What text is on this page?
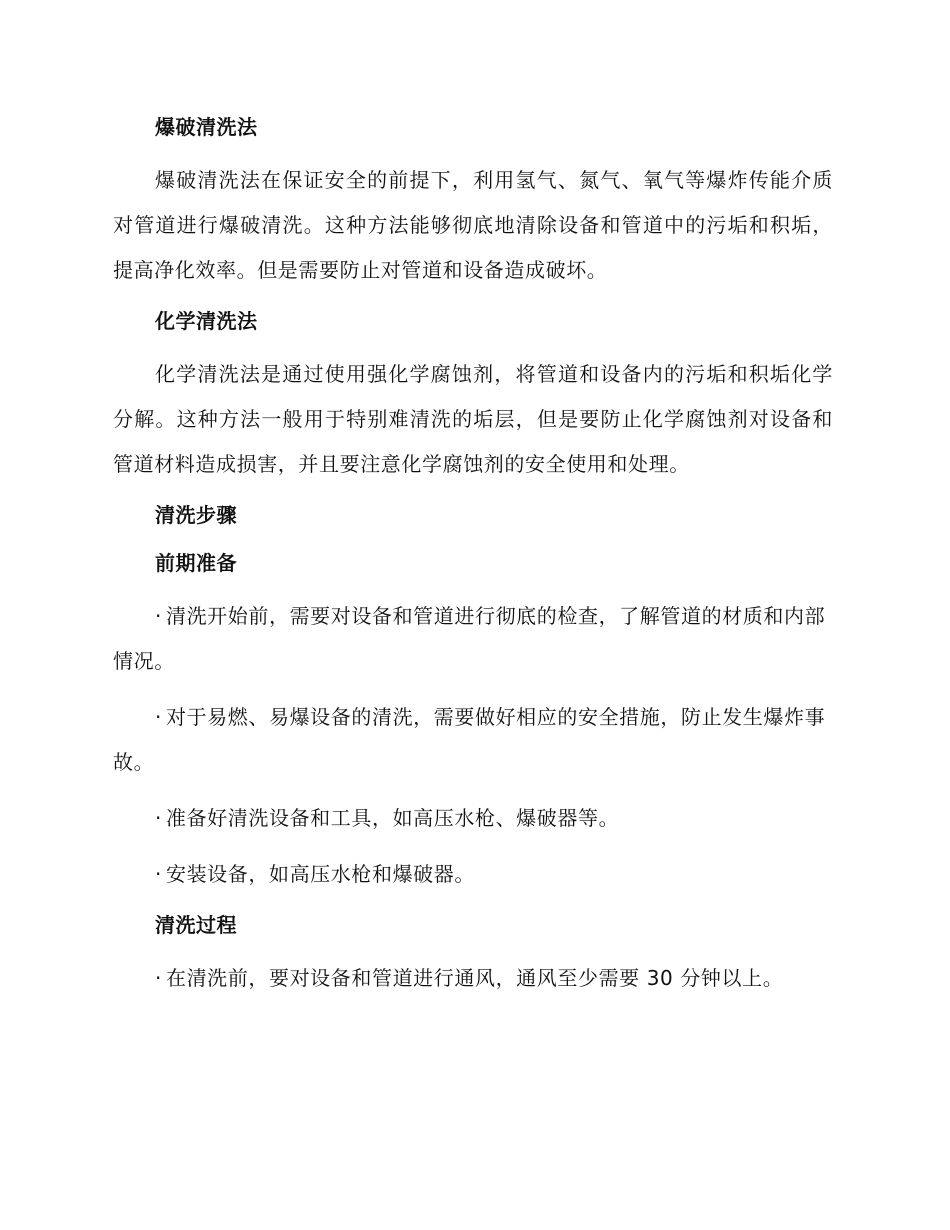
爆破清洗法

爆破清洗法在保证安全的前提下，利用氢气、氮气、氧气等爆炸传能介质对管道进行爆破清洗。这种方法能够彻底地清除设备和管道中的污垢和积垢，提高净化效率。但是需要防止对管道和设备造成破坏。

化学清洗法

化学清洗法是通过使用强化学腐蚀剂，将管道和设备内的污垢和积垢化学分解。这种方法一般用于特别难清洗的垢层，但是要防止化学腐蚀剂对设备和管道材料造成损害，并且要注意化学腐蚀剂的安全使用和处理。

清洗步骤
前期准备

· 清洗开始前，需要对设备和管道进行彻底的检查，了解管道的材质和内部情况。

· 对于易燃、易爆设备的清洗，需要做好相应的安全措施，防止发生爆炸事故。

· 准备好清洗设备和工具，如高压水枪、爆破器等。

· 安装设备，如高压水枪和爆破器。

清洗过程

· 在清洗前，要对设备和管道进行通风，通风至少需要 30 分钟以上。
